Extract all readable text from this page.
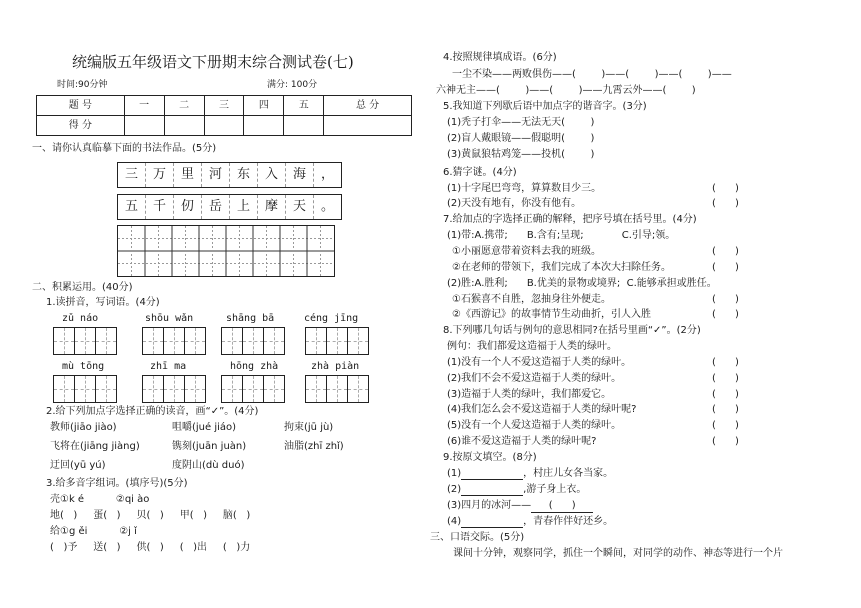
统编版五年级语文下册期末综合测试卷(七)
时间:90分钟	满分: 100分
题 号	一	二	三	四	五	总 分
得 分						
一、请你认真临摹下面的书法作品。(5分)
三	万	里	河	东	入	海	，
五	千	仞	岳	上	摩	天	。
二、积累运用。(40分)
1.读拼音，写词语。(4分)
zǔ náo	shōu wǎn	shāng bā	céng jīng
mù tōng	zhī ma	hōng zhà	zhà piàn
2.给下列加点字选择正确的读音，画“✓”。(4分)
教师(jiāo jiào)	咀嚼(jué jiáo)	拘束(jū jù)
飞将在(jiāng jiàng)	镌刻(juān juàn)	油脂(zhī zhǐ)
迂回(yū yú)	度阴山(dù duó)
3.给多音字组词。(填序号)(5分)
壳①k é          ②qi ào
地(   )     蛋(   )     贝(   )     甲(   )     脑(   )
给①g ěi          ②j ǐ
(   )予     送(   )     供(   )     (   )出     (   )力
4.按照规律填成语。(6分)
一尘不染——两败俱伤——(        )——(        )——(        )——
六神无主——(        )——(        )——九霄云外——(        )
5.我知道下列歇后语中加点字的谐音字。(3分)
(1)秃子打伞——无法无天(        )
(2)盲人戴眼镜——假聪明(        )
(3)黄鼠狼牯鸡笼——投机(        )
6.猜字谜。(4分)
(1)十字尾巴弯弯，算算数目少三。	(      )
(2)天没有地有，你没有他有。	(      )
7.给加点的字选择正确的解释，把序号填在括号里。(4分)
(1)带:A.携带;      B.含有;呈现;            C.引导;领。
①小丽愿意带着资料去我的班级。	(      )
②在老师的带领下，我们完成了本次大扫除任务。	(      )
(2)胜:A.胜利;      B.优美的景物或境界;  C.能够承担或胜任。
①石猴喜不自胜，忽抽身往外便走。	(      )
②《西游记》的故事情节生动曲折，引人入胜	(      )
8.下列哪几句话与例句的意思相同?在括号里画“✓”。(2分)
例句：我们都爱这造福于人类的绿叶。
(1)没有一个人不爱这造福于人类的绿叶。	(      )
(2)我们不会不爱这造福于人类的绿叶。	(      )
(3)造福于人类的绿叶，我们都爱它。	(      )
(4)我们怎么会不爱这造福于人类的绿叶呢?	(      )
(5)没有一个人爱这造福于人类的绿叶。	(      )
(6)谁不爱这造福于人类的绿叶呢?	(      )
9.按原文填空。(8分)
(1)	，村庄儿女各当家。
(2)	,游子身上衣。
(3)四月的冰河—— (      )
(4)	，青春作伴好还乡。
三、口语交际。(5分)
课间十分钟，观察同学，抓住一个瞬间，对同学的动作、神态等进行一个片
